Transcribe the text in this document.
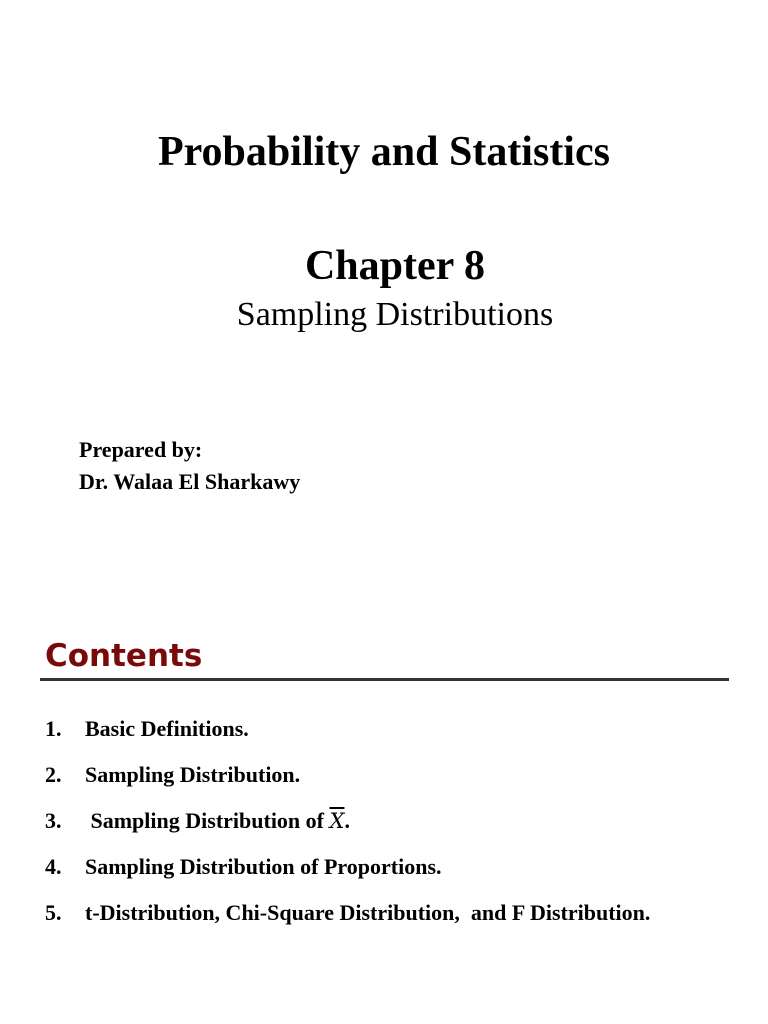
Probability and Statistics
Chapter 8
Sampling Distributions
Prepared by:
Dr. Walaa El Sharkawy
Contents
1.	Basic Definitions.
2.	Sampling Distribution.
3.	Sampling Distribution of $\overline{X}$ .
4.	Sampling Distribution of Proportions.
5.	t-Distribution, Chi-Square Distribution,  and F Distribution.
